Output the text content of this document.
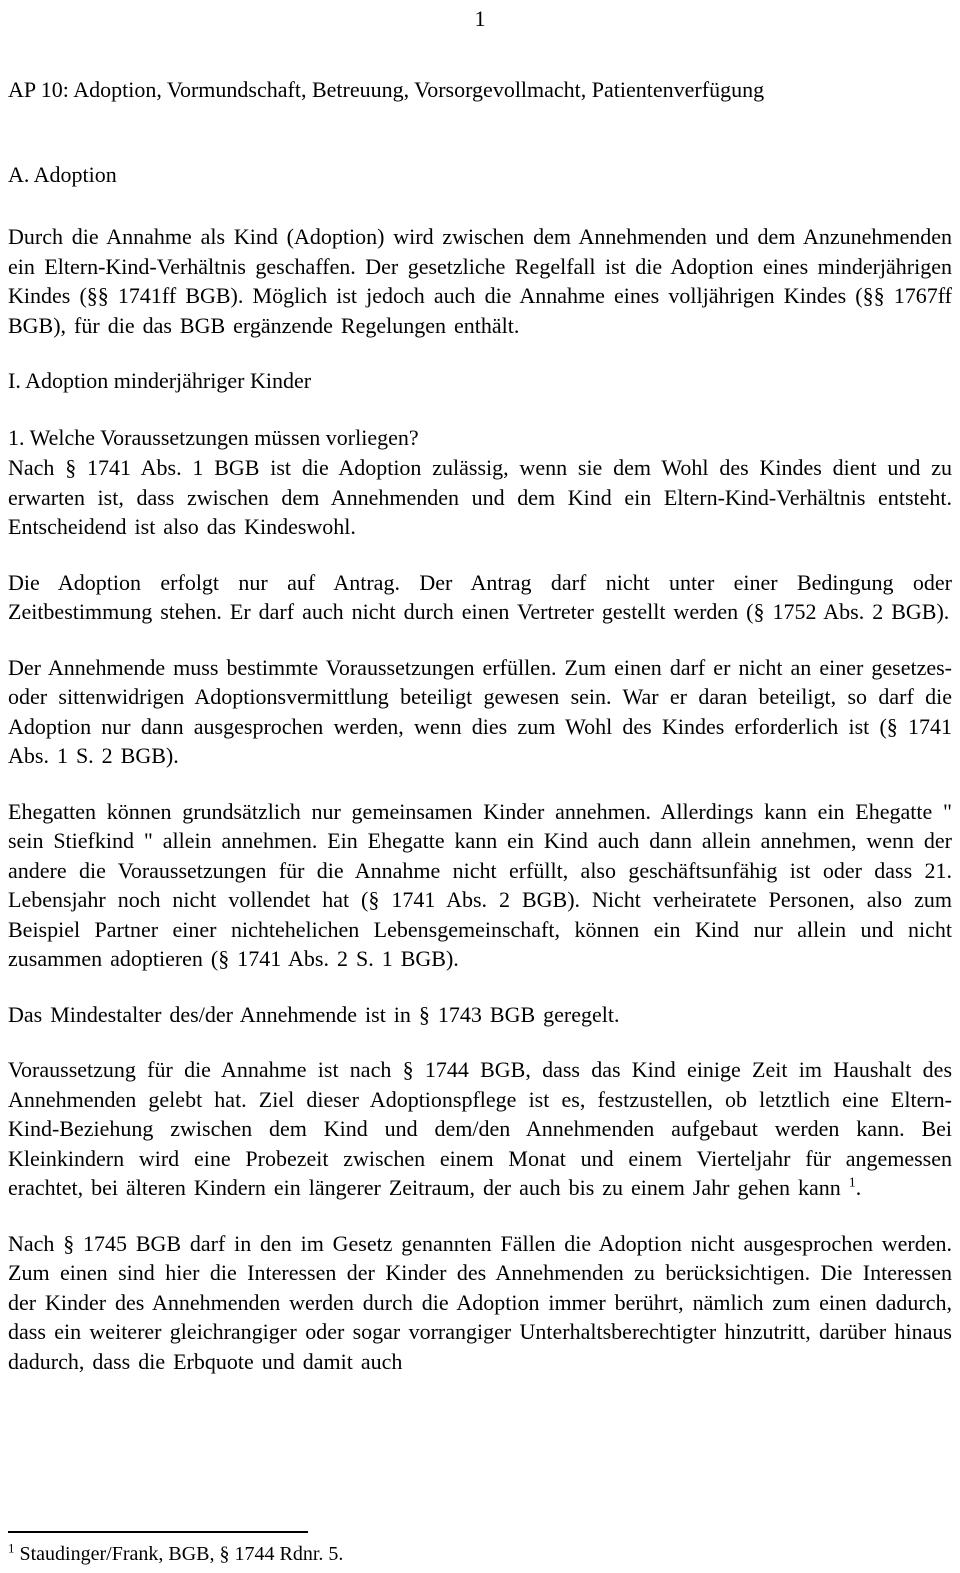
1
AP 10: Adoption, Vormundschaft, Betreuung, Vorsorgevollmacht, Patientenverfügung
A. Adoption

Durch die Annahme als Kind (Adoption) wird zwischen dem Annehmenden und dem Anzunehmenden ein Eltern-Kind-Verhältnis geschaffen. Der gesetzliche Regelfall ist die Adoption eines minderjährigen Kindes (§§ 1741ff BGB). Möglich ist jedoch auch die Annahme eines volljährigen Kindes (§§ 1767ff BGB), für die das BGB ergänzende Regelungen enthält.

I. Adoption minderjähriger Kinder
1. Welche Voraussetzungen müssen vorliegen?

Nach § 1741 Abs. 1 BGB ist die Adoption zulässig, wenn sie dem Wohl des Kindes dient und zu erwarten ist, dass zwischen dem Annehmenden und dem Kind ein Eltern-Kind-Verhältnis entsteht. Entscheidend ist also das Kindeswohl.

Die Adoption erfolgt nur auf Antrag. Der Antrag darf nicht unter einer Bedingung oder Zeitbestimmung stehen. Er darf auch nicht durch einen Vertreter gestellt werden (§ 1752 Abs. 2 BGB).

Der Annehmende muss bestimmte Voraussetzungen erfüllen. Zum einen darf er nicht an einer gesetzes- oder sittenwidrigen Adoptionsvermittlung beteiligt gewesen sein. War er daran beteiligt, so darf die Adoption nur dann ausgesprochen werden, wenn dies zum Wohl des Kindes erforderlich ist (§ 1741 Abs. 1 S. 2 BGB).

Ehegatten können grundsätzlich nur gemeinsamen Kinder annehmen. Allerdings kann ein Ehegatte " sein Stiefkind " allein annehmen. Ein Ehegatte kann ein Kind auch dann allein annehmen, wenn der andere die Voraussetzungen für die Annahme nicht erfüllt, also geschäftsunfähig ist oder dass 21. Lebensjahr noch nicht vollendet hat (§ 1741 Abs. 2 BGB). Nicht verheiratete Personen, also zum Beispiel Partner einer nichtehelichen Lebensgemeinschaft, können ein Kind nur allein und nicht zusammen adoptieren (§ 1741 Abs. 2 S. 1 BGB).

Das Mindestalter des/der Annehmende ist in § 1743 BGB geregelt.

Voraussetzung für die Annahme ist nach § 1744 BGB, dass das Kind einige Zeit im Haushalt des Annehmenden gelebt hat. Ziel dieser Adoptionspflege ist es, festzustellen, ob letztlich eine Eltern-Kind-Beziehung zwischen dem Kind und dem/den Annehmenden aufgebaut werden kann. Bei Kleinkindern wird eine Probezeit zwischen einem Monat und einem Vierteljahr für angemessen erachtet, bei älteren Kindern ein längerer Zeitraum, der auch bis zu einem Jahr gehen kann $^1$.

Nach § 1745 BGB darf in den im Gesetz genannten Fällen die Adoption nicht ausgesprochen werden. Zum einen sind hier die Interessen der Kinder des Annehmenden zu berücksichtigen. Die Interessen der Kinder des Annehmenden werden durch die Adoption immer berührt, nämlich zum einen dadurch, dass ein weiterer gleichrangiger oder sogar vorrangiger Unterhaltsberechtigter hinzutritt, darüber hinaus dadurch, dass die Erbquote und damit auch

$^1$ Staudinger/Frank, BGB, § 1744 Rdnr. 5.
